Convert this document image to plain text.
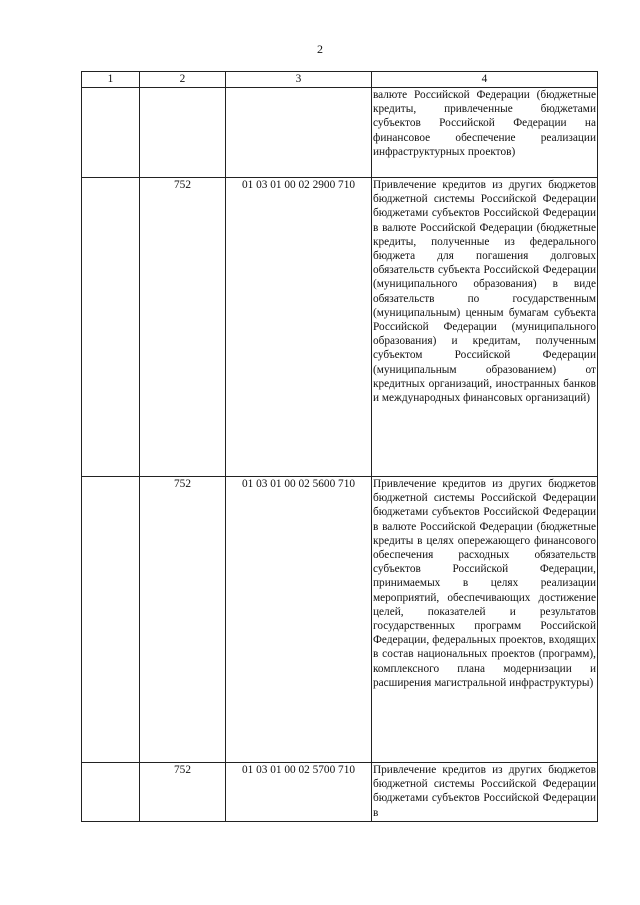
2
1	2	3	4

			валюте Российской Федерации (бюджетные кредиты, привлеченные бюджетами субъектов Российской Федерации на финансовое обеспечение реализации инфраструктурных проектов)

	752	01 03 01 00 02 2900 710	Привлечение кредитов из других бюджетов бюджетной системы Российской Федерации бюджетами субъектов Российской Федерации в валюте Российской Федерации (бюджетные кредиты, полученные из федерального бюджета для погашения долговых обязательств субъекта Российской Федерации (муниципального образования) в виде обязательств по государственным (муниципальным) ценным бумагам субъекта Российской Федерации (муниципального образования) и кредитам, полученным субъектом Российской Федерации (муниципальным образованием) от кредитных организаций, иностранных банков и международных финансовых организаций)

	752	01 03 01 00 02 5600 710	Привлечение кредитов из других бюджетов бюджетной системы Российской Федерации бюджетами субъектов Российской Федерации в валюте Российской Федерации (бюджетные кредиты в целях опережающего финансового обеспечения расходных обязательств субъектов Российской Федерации, принимаемых в целях реализации мероприятий, обеспечивающих достижение целей, показателей и результатов государственных программ Российской Федерации, федеральных проектов, входящих в состав национальных проектов (программ), комплексного плана модернизации и расширения магистральной инфраструктуры)

	752	01 03 01 00 02 5700 710	Привлечение кредитов из других бюджетов бюджетной системы Российской Федерации бюджетами субъектов Российской Федерации в
